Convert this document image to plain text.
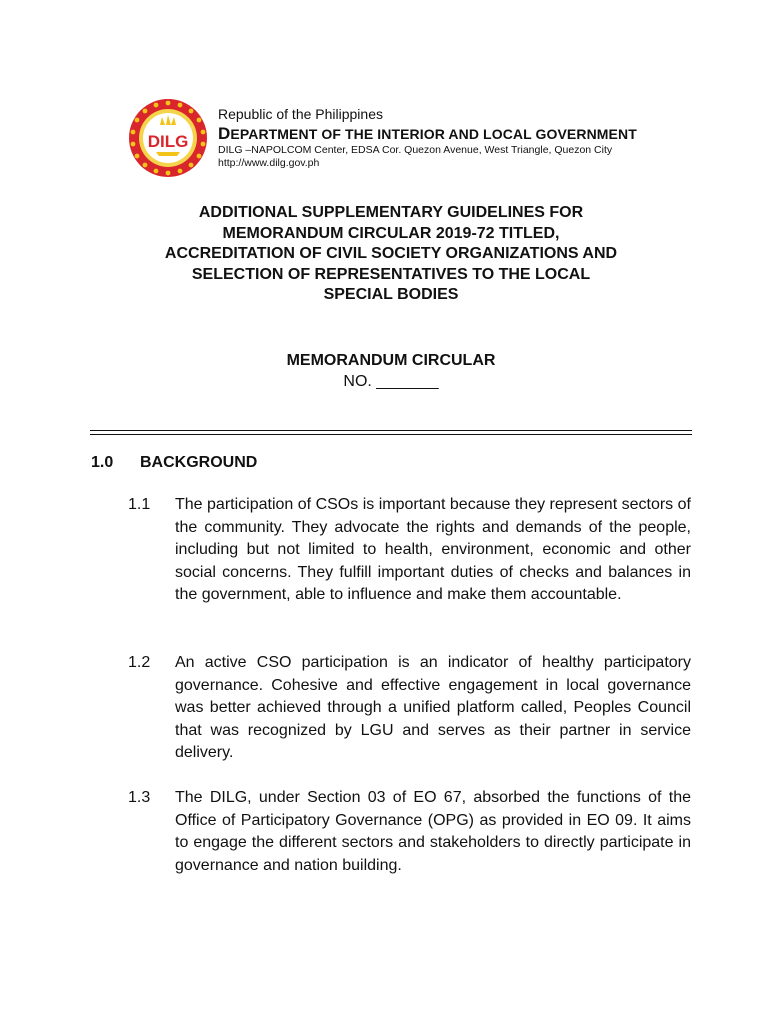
DILG
Republic of the Philippines
DEPARTMENT OF THE INTERIOR AND LOCAL GOVERNMENT
DILG –NAPOLCOM Center, EDSA Cor. Quezon Avenue, West Triangle, Quezon City
http://www.dilg.gov.ph
ADDITIONAL SUPPLEMENTARY GUIDELINES FOR
MEMORANDUM CIRCULAR 2019-72 TITLED,
ACCREDITATION OF CIVIL SOCIETY ORGANIZATIONS AND
SELECTION OF REPRESENTATIVES TO THE LOCAL
SPECIAL BODIES
MEMORANDUM CIRCULAR
NO. _______
1.0 BACKGROUND
1.1 The participation of CSOs is important because they represent sectors of the community. They advocate the rights and demands of the people, including but not limited to health, environment, economic and other social concerns. They fulfill important duties of checks and balances in the government, able to influence and make them accountable.
1.2 An active CSO participation is an indicator of healthy participatory governance. Cohesive and effective engagement in local governance was better achieved through a unified platform called, Peoples Council that was recognized by LGU and serves as their partner in service delivery.
1.3 The DILG, under Section 03 of EO 67, absorbed the functions of the Office of Participatory Governance (OPG) as provided in EO 09. It aims to engage the different sectors and stakeholders to directly participate in governance and nation building.
